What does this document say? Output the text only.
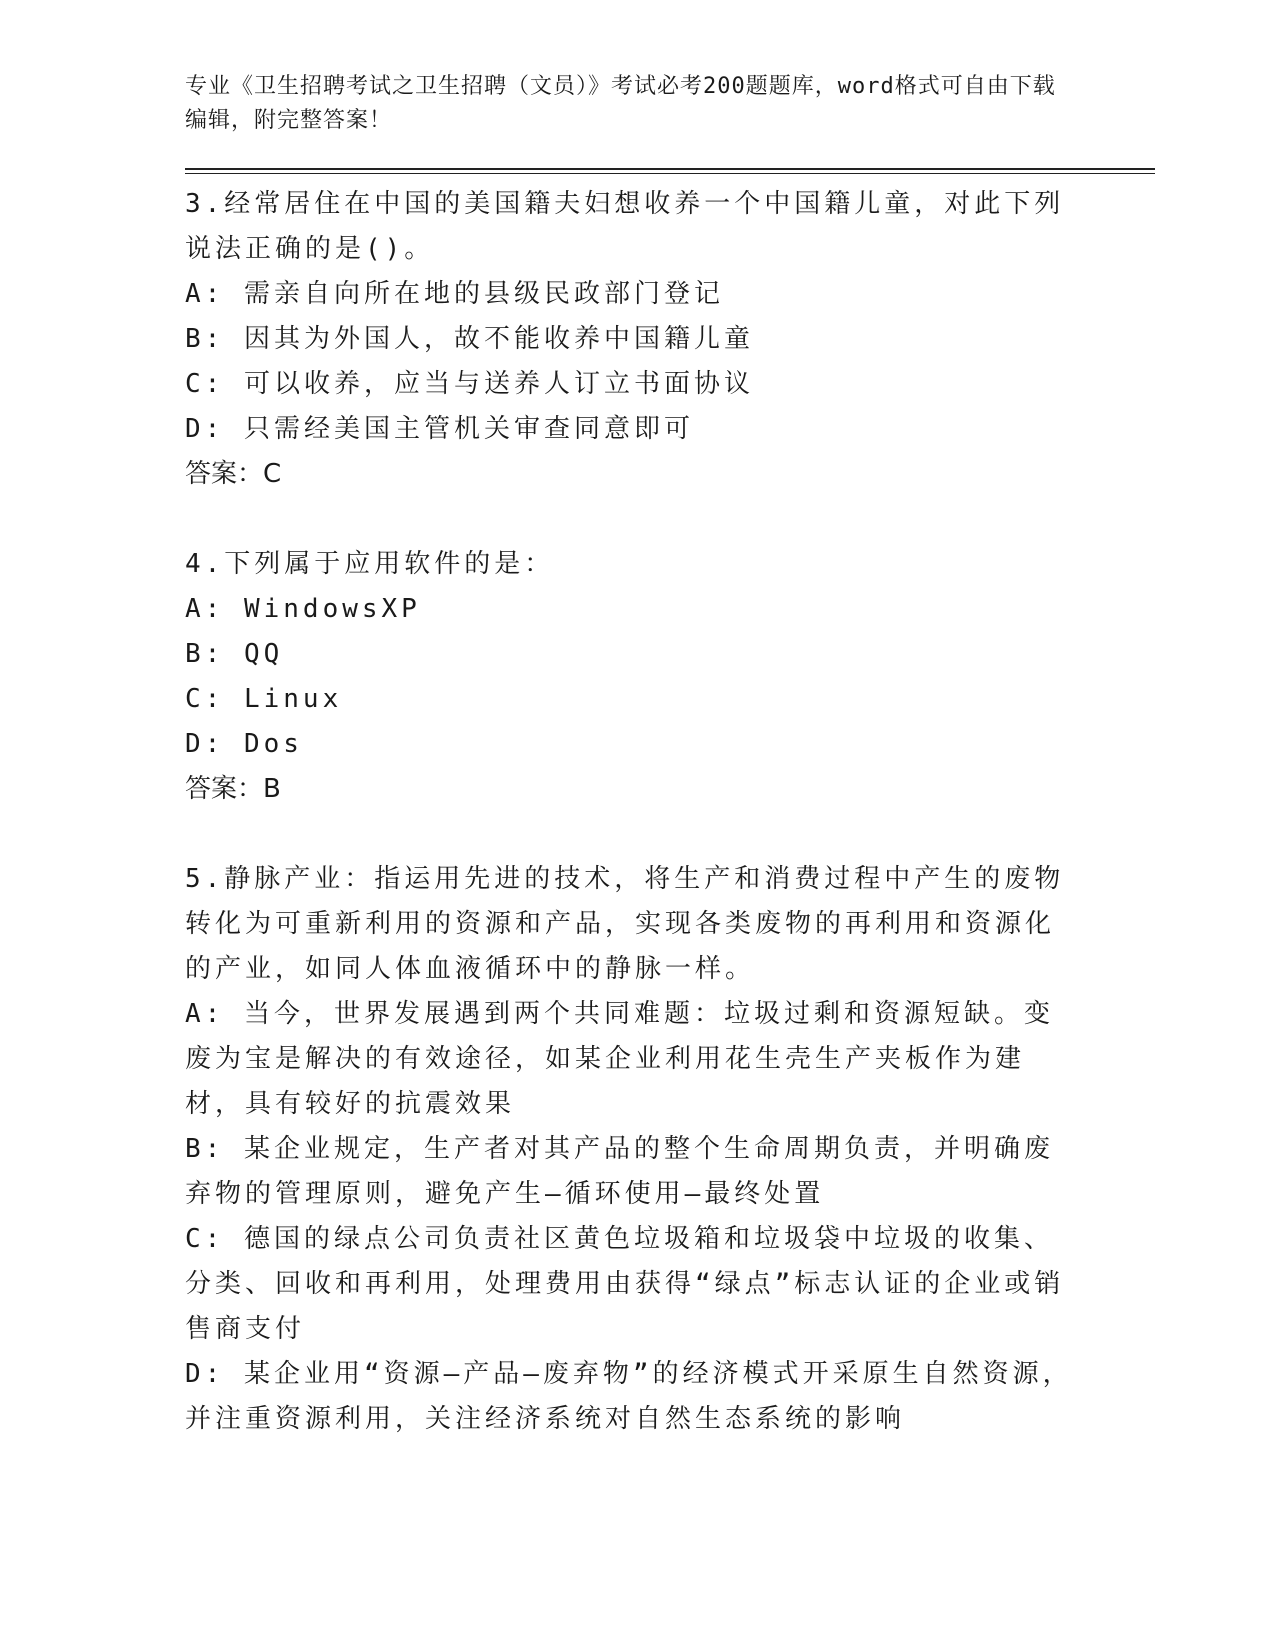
专业《卫生招聘考试之卫生招聘（文员）》考试必考200题题库，word格式可自由下载编辑，附完整答案！

3.经常居住在中国的美国籍夫妇想收养一个中国籍儿童，对此下列说法正确的是()。

A: 需亲自向所在地的县级民政部门登记

B: 因其为外国人，故不能收养中国籍儿童

C: 可以收养，应当与送养人订立书面协议

D: 只需经美国主管机关审查同意即可

答案：C

4.下列属于应用软件的是：

A: WindowsXP

B: QQ

C: Linux

D: Dos

答案：B

5.静脉产业：指运用先进的技术，将生产和消费过程中产生的废物转化为可重新利用的资源和产品，实现各类废物的再利用和资源化的产业，如同人体血液循环中的静脉一样。

A: 当今，世界发展遇到两个共同难题：垃圾过剩和资源短缺。变废为宝是解决的有效途径，如某企业利用花生壳生产夹板作为建材，具有较好的抗震效果

B: 某企业规定，生产者对其产品的整个生命周期负责，并明确废弃物的管理原则，避免产生—循环使用—最终处置

C: 德国的绿点公司负责社区黄色垃圾箱和垃圾袋中垃圾的收集、分类、回收和再利用，处理费用由获得“绿点”标志认证的企业或销售商支付

D: 某企业用“资源—产品—废弃物”的经济模式开采原生自然资源，并注重资源利用，关注经济系统对自然生态系统的影响
